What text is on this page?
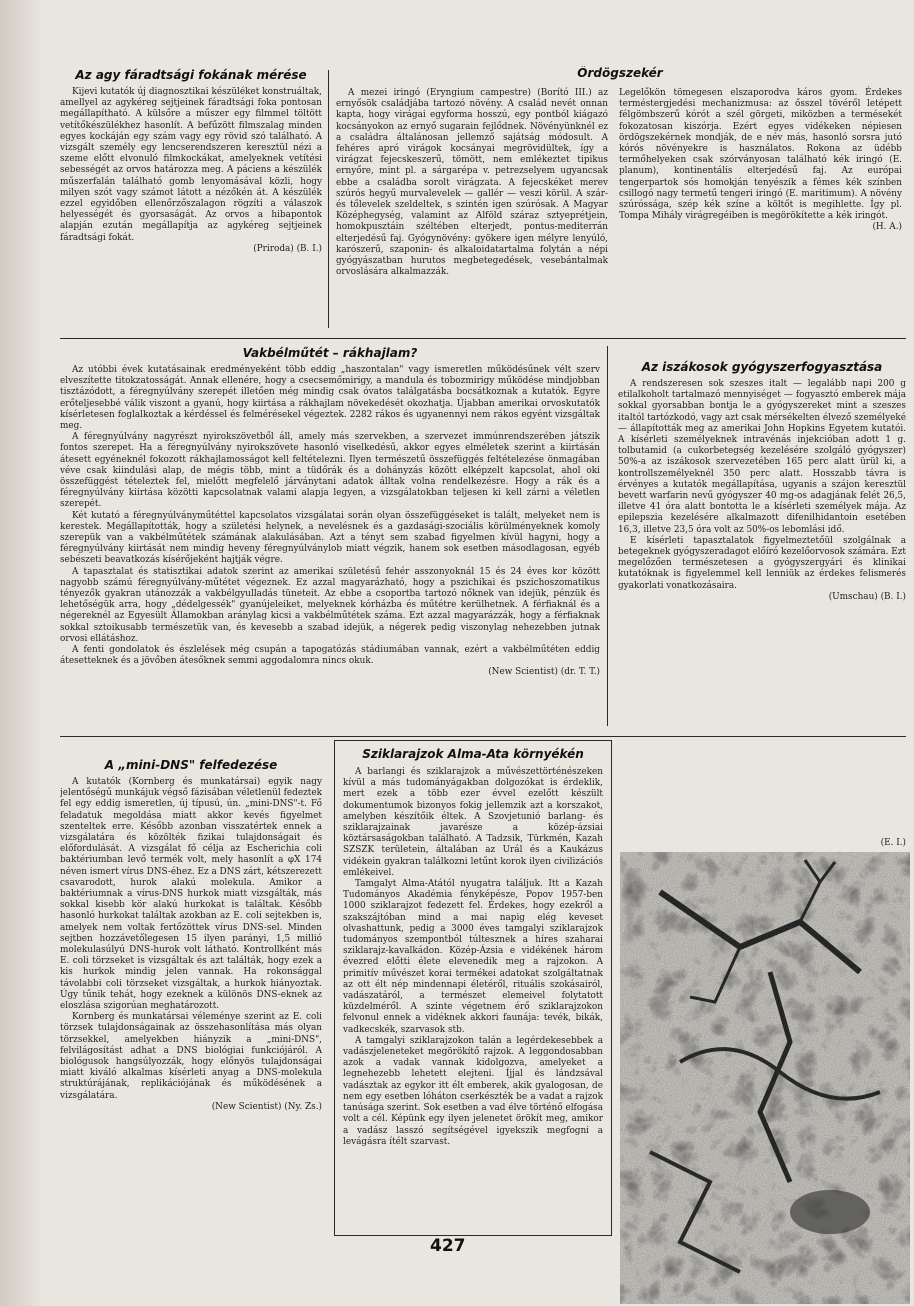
Az agy fáradtsági fokának mérése

Kijevi kutatók új diagnosztikai készüléket konstruáltak, amellyel az agykéreg sejtjeinek fáradtsági foka pontosan megállapítható. A külsőre a műszer egy filmmel töltött vetítőkészülékhez hasonlít. A befűzött filmszalag minden egyes kockáján egy szám vagy egy rövid szó található. A vizsgált személy egy lencserendszeren keresztül nézi a szeme előtt elvonuló filmkockákat, amelyeknek vetítési sebességét az orvos határozza meg. A páciens a készülék műszerfalán található gomb lenyomásával közli, hogy milyen szót vagy számot látott a nézőkén át. A készülék ezzel egyidőben ellenőrzőszalagon rögzíti a válaszok helyességét és gyorsaságát. Az orvos a hibapontok alapján ezután megállapítja az agykéreg sejtjeinek fáradtsági fokát.

(Priroda) (B. I.)
Ördögszekér

A mezei iringó (Eryngium campestre) (Borító III.) az ernyősök családjába tartozó növény. A család nevét onnan kapta, hogy virágai egyforma hosszú, egy pontból kiágazó kocsányokon az ernyő sugarain fejlődnek. Növényünknél ez a családra általánosan jellemző sajátság módosult. A fehéres apró virágok kocsányai megrövidültek, így a virágzat fejecskeszerű, tömött, nem emlékeztet tipikus ernyőre, mint pl. a sárgarépa v. petrezselyem ugyancsak ebbe a családba sorolt virágzata. A fejecskéket merev szúrós hegyű murvalevelek — gallér — veszi körül. A szár- és tőlevelek szeldeltek, s szintén igen szúrósak. A Magyar Középhegység, valamint az Alföld száraz sztyeprétjein, homokpusztáin széltében elterjedt, pontus-mediterrán elterjedésű faj. Gyógynövény: gyökere igen mélyre lenyúló, karószerű, szaponin- és alkaloidatartalma folytán a népi gyógyászatban hurutos megbetegedések, vesebántalmak orvoslására alkalmazzák.

Legelőkön tömegesen elszaporodva káros gyom. Érdekes terméstergjedési mechanizmusa: az ősszel tövéről letépett félgömbszerű kórót a szél görgeti, miközben a termésekét fokozatosan kiszórja. Ezért egyes vidékeken népiesen ördögszekérnek mondják, de e név más, hasonló sorsra jutó kórós növényekre is használatos. Rokona az üdébb termőhelyeken csak szórványosan található kék iringó (E. planum), kontinentális elterjedésű faj. Az európai tengerpartok sós homokján tenyészik a fémes kék színben csillogó nagy termetű tengeri iringó (E. maritimum). A növény szúróssága, szép kék színe a költőt is megihlette. Így pl. Tompa Mihály virágregéiben is megörökítette a kék iringót.

(H. A.)
Vakbélműtét – rákhajlam?

Az utóbbi évek kutatásainak eredményeként több eddig „haszontalan" vagy ismeretlen működésűnek vélt szerv elveszítette titokzatosságát. Annak ellenére, hogy a csecsemőmirigy, a mandula és tobozmirigy működése mindjobban tisztázódott, a féregnyúlvány szerepét illetően még mindig csak óvatos találgatásba bocsátkoznak a kutatók. Egyre erőteljesebbé válik viszont a gyanú, hogy kiirtása a rákhajlam növekedését okozhatja. Újabban amerikai orvoskutatók kísérletesen foglalkoztak a kérdéssel és felmérésekel végeztek. 2282 rákos és ugyanennyi nem rákos egyént vizsgáltak meg.

A féregnyúlvány nagyrészt nyirokszövetből áll, amely más szervekben, a szervezet immúnrendszerében játszik fontos szerepet. Ha a féregnyúlvány nyirokszövete hasonló viselkedésű, akkor egyes elméletek szerint a kiirtásán átesett egyéneknél fokozott rákhajlamosságot kell feltételezni. Ilyen természetű összefüggés feltételezése önmagában véve csak kiindulási alap, de mégis több, mint a tüdőrák és a dohányzás között elképzelt kapcsolat, ahol oki összefüggést tételeztek fel, mielőtt megfelelő járványtani adatok álltak volna rendelkezésre. Hogy a rák és a féregnyúlvány kiirtása közötti kapcsolatnak valami alapja legyen, a vizsgálatokban teljesen ki kell zárni a véletlen szerepét.

Két kutató a féregnyúlványműtéttel kapcsolatos vizsgálatai során olyan összefüggéseket is talált, melyeket nem is kerestek. Megállapították, hogy a születési helynek, a nevelésnek és a gazdasági-szociális körülményeknek komoly szerepük van a vakbélműtétek számának alakulásában. Azt a tényt sem szabad figyelmen kívül hagyni, hogy a féregnyúlvány kiirtását nem mindig heveny féregnyúlványlob miatt végzik, hanem sok esetben másodlagosan, egyéb sebészeti beavatkozás kísérőjeként hajtják végre.

A tapasztalat és statisztikai adatok szerint az amerikai születésű fehér asszonyoknál 15 és 24 éves kor között nagyobb számú féregnyúlvány-műtétet végeznek. Ez azzal magyarázható, hogy a pszichikai és pszichoszomatikus tényezők gyakran utánozzák a vakbélgyulladás tüneteit. Az ebbe a csoportba tartozó nőknek van idejük, pénzük és lehetőségük arra, hogy „dédelgessék" gyanújeleiket, melyeknek kórházba és műtétre kerülhetnek. A férfiaknál és a négereknél az Egyesült Államokban aránylag kicsi a vakbélműtétek száma. Ezt azzal magyarázzák, hogy a férfiaknak sokkal sztoikusabb természetük van, és kevesebb a szabad idejük, a négerek pedig viszonylag nehezebben jutnak orvosi ellátáshoz.

A fenti gondolatok és észlelések még csupán a tapogatózás stádiumában vannak, ezért a vakbélműtéten eddig átesetteknek és a jövőben átesőknek semmi aggodalomra nincs okuk.

(New Scientist) (dr. T. T.)
Az iszákosok gyógyszerfogyasztása

A rendszeresen sok szeszes italt — legalább napi 200 g etilalkoholt tartalmazó mennyiséget — fogyasztó emberek mája sokkal gyorsabban bontja le a gyógyszereket mint a szeszes italtól tartózkodó, vagy azt csak mérsékelten élvező személyeké — állapították meg az amerikai John Hopkins Egyetem kutatói. A kísérleti személyeknek intravénás injekcióban adott 1 g. tolbutamid (a cukorbetegség kezelésére szolgáló gyógyszer) 50%-a az iszákosok szervezetében 165 perc alatt ürül ki, a kontrollszemélyeknél 350 perc alatt. Hosszabb távra is érvényes a kutatók megállapítása, ugyanis a szájon keresztül bevett warfarin nevű gyógyszer 40 mg-os adagjának felét 26,5, illetve 41 óra alatt bontotta le a kísérleti személyek mája. Az epilepszia kezelésére alkalmazott difenilhidantoin esetében 16,3, illetve 23,5 óra volt az 50%-os lebomlási idő.

E kísérleti tapasztalatok figyelmeztetőül szolgálnak a betegeknek gyógyszeradagot előíró kezelőorvosok számára. Ezt megelőzően természetesen a gyógyszergyári és klinikai kutatóknak is figyelemmel kell lenniük az érdekes felismerés gyakorlati vonatkozásaira.

(Umschau) (B. I.)
A „mini-DNS" felfedezése

A kutatók (Kornberg és munkatársai) egyik nagy jelentőségű munkájuk végső fázisában véletlenül fedeztek fel egy eddig ismeretlen, új típusú, ún. „mini-DNS"-t. Fő feladatuk megoldása miatt akkor kevés figyelmet szenteltek erre. Később azonban visszatértek ennek a vizsgálatára és közölték fizikai tulajdonságait és előfordulását. A vizsgálat fő célja az Escherichia coli baktériumban levő termék volt, mely hasonlít a φX 174 néven ismert vírus DNS-éhez. Ez a DNS zárt, kétszerezett csavarodott, hurok alakú molekula. Amikor a baktériumnak a vírus-DNS hurkok miatt vizsgálták, más sokkal kisebb kör alakú hurkokat is találtak. Később hasonló hurkokat találtak azokban az E. coli sejtekben is, amelyek nem voltak fertőzöttek vírus DNS-sel. Minden sejtben hozzávetőlegesen 15 ilyen parányi, 1,5 millió molekulasúlyú DNS-hurok volt látható. Kontrollként más E. coli törzseket is vizsgáltak és azt találták, hogy ezek a kis hurkok mindig jelen vannak. Ha rokonsággal távolabbi coli törzseket vizsgáltak, a hurkok hiányoztak. Úgy tűnik tehát, hogy ezeknek a különös DNS-eknek az eloszlása szigorúan meghatározott.

Kornberg és munkatársai véleménye szerint az E. coli törzsek tulajdonságainak az összehasonlítása más olyan törzsekkel, amelyekben hiányzik a „mini-DNS", felvilágosítást adhat a DNS biológiai funkciójáról. A biológusok hangsúlyozzák, hogy előnyös tulajdonságai miatt kiváló alkalmas kísérleti anyag a DNS-molekula struktúrájának, replikációjának és működésének a vizsgálatára.

(New Scientist) (Ny. Zs.)
Sziklarajzok Alma-Ata környékén

A barlangi és sziklarajzok a művészettörténészeken kívül a más tudományágakban dolgozókat is érdeklik, mert ezek a több ezer évvel ezelőtt készült dokumentumok bizonyos fokig jellemzik azt a korszakot, amelyben készítőik éltek. A Szovjetunió barlang- és sziklarajzainak javarésze a közép-ázsiai köztársaságokban található. A Tadzsik, Türkmén, Kazah SZSZK területein, általában az Urál és a Kaukázus vidékein gyakran találkozni letűnt korok ilyen civilizációs emlékeivel.

Tamgalyt Alma-Atától nyugatra találjuk. Itt a Kazah Tudományos Akadémia fényképésze, Popov 1957-ben 1000 sziklarajzot fedezett fel. Érdekes, hogy ezekről a szakszájtóban mind a mai napig elég keveset olvashattunk, pedig a 3000 éves tamgalyi sziklarajzok tudományos szempontból túltesznek a híres szaharai sziklarajz-kavalkádon. Közép-Ázsia e vidékének három évezred előtti élete elevenedik meg a rajzokon. A primitív művészet korai termékei adatokat szolgáltatnak az ott élt nép mindennapi életéről, rituális szokásairól, vadászatáról, a természet elemeivel folytatott küzdelméről. A szinte végetnem érő sziklarajzokon felvonul ennek a vidéknek akkori faunája: tevék, bikák, vadkecskék, szarvasok stb.

A tamgalyi sziklarajzokon talán a legérdekesebbek a vadászjeleneteket megörökítő rajzok. A leggondosabban azok a vadak vannak kidolgozva, amelyeket a legnehezebb lehetett elejteni. Íjjal és lándzsával vadásztak az egykor itt élt emberek, akik gyalogosan, de nem egy esetben lóháton cserkészték be a vadat a rajzok tanúsága szerint. Sok esetben a vad élve történő elfogása volt a cél. Képünk egy ilyen jelenetet örökít meg, amikor a vadász lasszó segítségével igyekszik megfogni a levágásra ítélt szarvast.

(E. I.)
427
